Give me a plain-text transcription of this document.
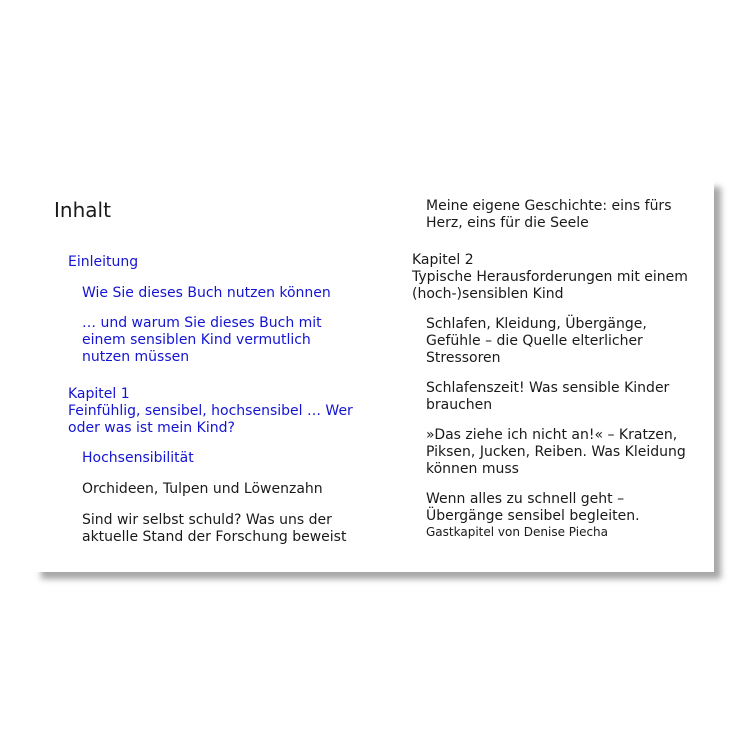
Inhalt

Einleitung

Wie Sie dieses Buch nutzen können

… und warum Sie dieses Buch mit
einem sensiblen Kind vermutlich
nutzen müssen

Kapitel 1

Feinfühlig, sensibel, hochsensibel … Wer
oder was ist mein Kind?

Hochsensibilität

Orchideen, Tulpen und Löwenzahn

Sind wir selbst schuld? Was uns der
aktuelle Stand der Forschung beweist

Meine eigene Geschichte: eins fürs
Herz, eins für die Seele

Kapitel 2

Typische Herausforderungen mit einem
(hoch-)sensiblen Kind

Schlafen, Kleidung, Übergänge,
Gefühle – die Quelle elterlicher
Stressoren

Schlafenszeit! Was sensible Kinder
brauchen

»Das ziehe ich nicht an!« – Kratzen,
Piksen, Jucken, Reiben. Was Kleidung
können muss

Wenn alles zu schnell geht –
Übergänge sensibel begleiten.

Gastkapitel von Denise Piecha
